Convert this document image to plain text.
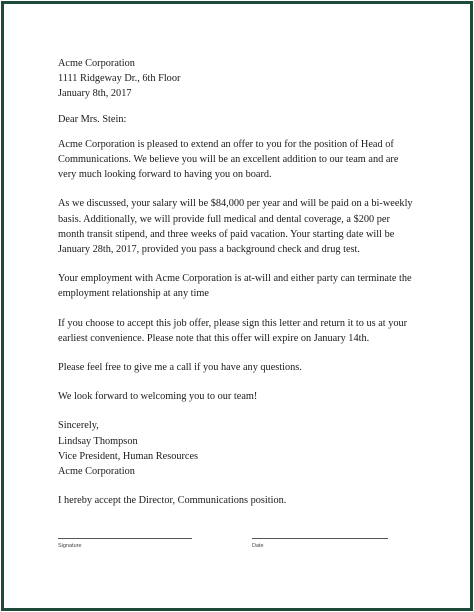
Acme Corporation

1111 Ridgeway Dr., 6th Floor

January 8th, 2017

Dear Mrs. Stein:

Acme Corporation is pleased to extend an offer to you for the position of Head of Communications. We believe you will be an excellent addition to our team and are very much looking forward to having you on board.

As we discussed, your salary will be $84,000 per year and will be paid on a bi-weekly basis. Additionally, we will provide full medical and dental coverage, a $200 per month transit stipend, and three weeks of paid vacation. Your starting date will be January 28th, 2017, provided you pass a background check and drug test.

Your employment with Acme Corporation is at-will and either party can terminate the employment relationship at any time

If you choose to accept this job offer, please sign this letter and return it to us at your earliest convenience. Please note that this offer will expire on January 14th.

Please feel free to give me a call if you have any questions.

We look forward to welcoming you to our team!

Sincerely,

Lindsay Thompson

Vice President, Human Resources

Acme Corporation

I hereby accept the Director, Communications position.

Signature	Date
